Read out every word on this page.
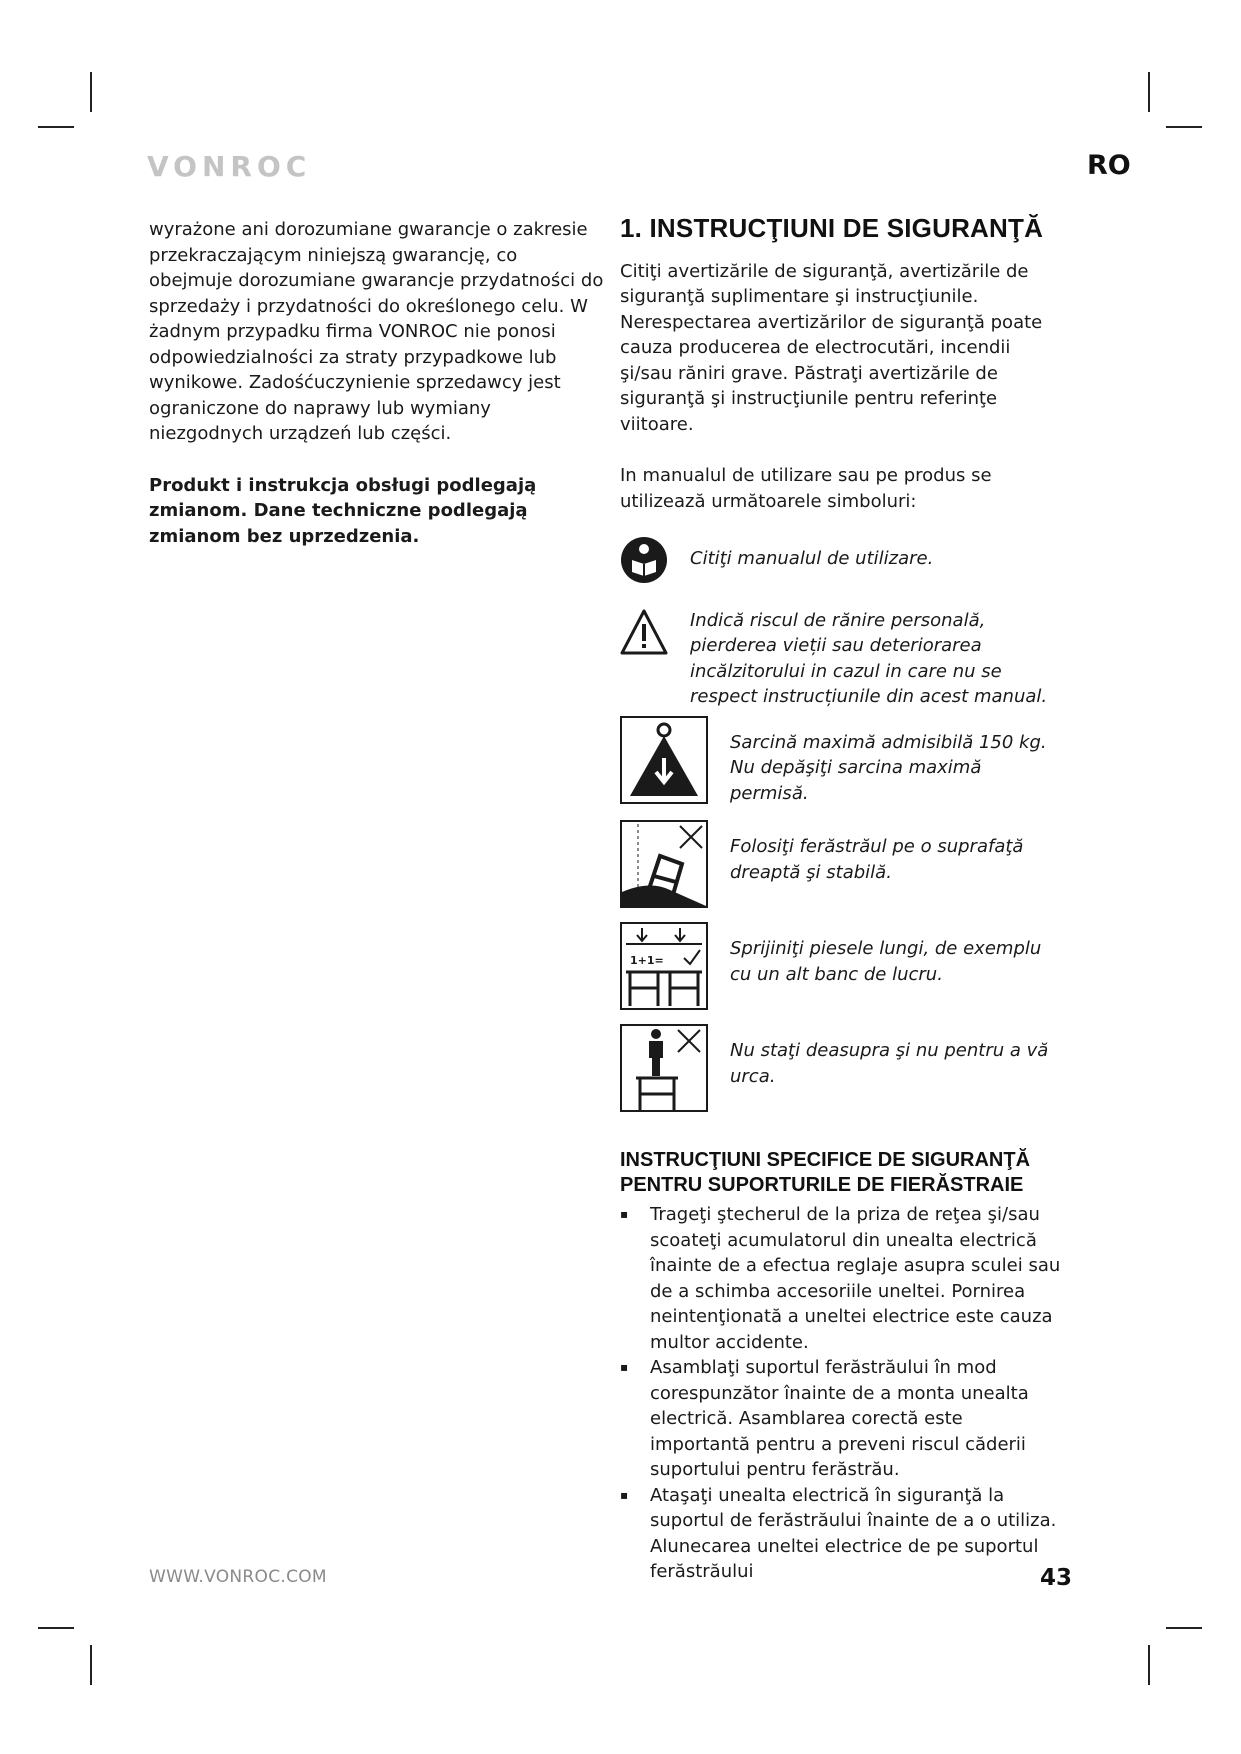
VONROC	RO

wyrażone ani dorozumiane gwarancje o zakresie przekraczającym niniejszą gwarancję, co obejmuje dorozumiane gwarancje przydatności do sprzedaży i przydatności do określonego celu. W żadnym przypadku firma VONROC nie ponosi odpowiedzialności za straty przypadkowe lub wynikowe. Zadośćuczynienie sprzedawcy jest ograniczone do naprawy lub wymiany niezgodnych urządzeń lub części.

Produkt i instrukcja obsługi podlegają zmianom. Dane techniczne podlegają zmianom bez uprzedzenia.

1. INSTRUCŢIUNI DE SIGURANŢĂ

Citiţi avertizările de siguranţă, avertizările de siguranţă suplimentare şi instrucţiunile. Nerespectarea avertizărilor de siguranţă poate cauza producerea de electrocutări, incendii şi/sau răniri grave. Păstraţi avertizările de siguranţă şi instrucţiunile pentru referinţe viitoare.

In manualul de utilizare sau pe produs se utilizează următoarele simboluri:

Citiţi manualul de utilizare.
Indică riscul de rănire personală, pierderea vieții sau deteriorarea incălzitorului in cazul in care nu se respect instrucțiunile din acest manual.
Sarcină maximă admisibilă 150 kg. Nu depăşiţi sarcina maximă permisă.
Folosiţi ferăstrăul pe o suprafaţă dreaptă şi stabilă.
1+1=
Sprijiniţi piesele lungi, de exemplu cu un alt banc de lucru.
Nu staţi deasupra şi nu pentru a vă urca.
INSTRUCŢIUNI SPECIFICE DE SIGURANŢĂ PENTRU SUPORTURILE DE FIERĂSTRAIE
▪ Trageţi ştecherul de la priza de reţea şi/sau scoateţi acumulatorul din unealta electrică înainte de a efectua reglaje asupra sculei sau de a schimba accesoriile uneltei. Pornirea neintenţionată a uneltei electrice este cauza multor accidente.
▪ Asamblaţi suportul ferăstrăului în mod corespunzător înainte de a monta unealta electrică. Asamblarea corectă este importantă pentru a preveni riscul căderii suportului pentru ferăstrău.
▪ Ataşaţi unealta electrică în siguranţă la suportul de ferăstrăului înainte de a o utiliza. Alunecarea uneltei electrice de pe suportul ferăstrăului
WWW.VONROC.COM	43
